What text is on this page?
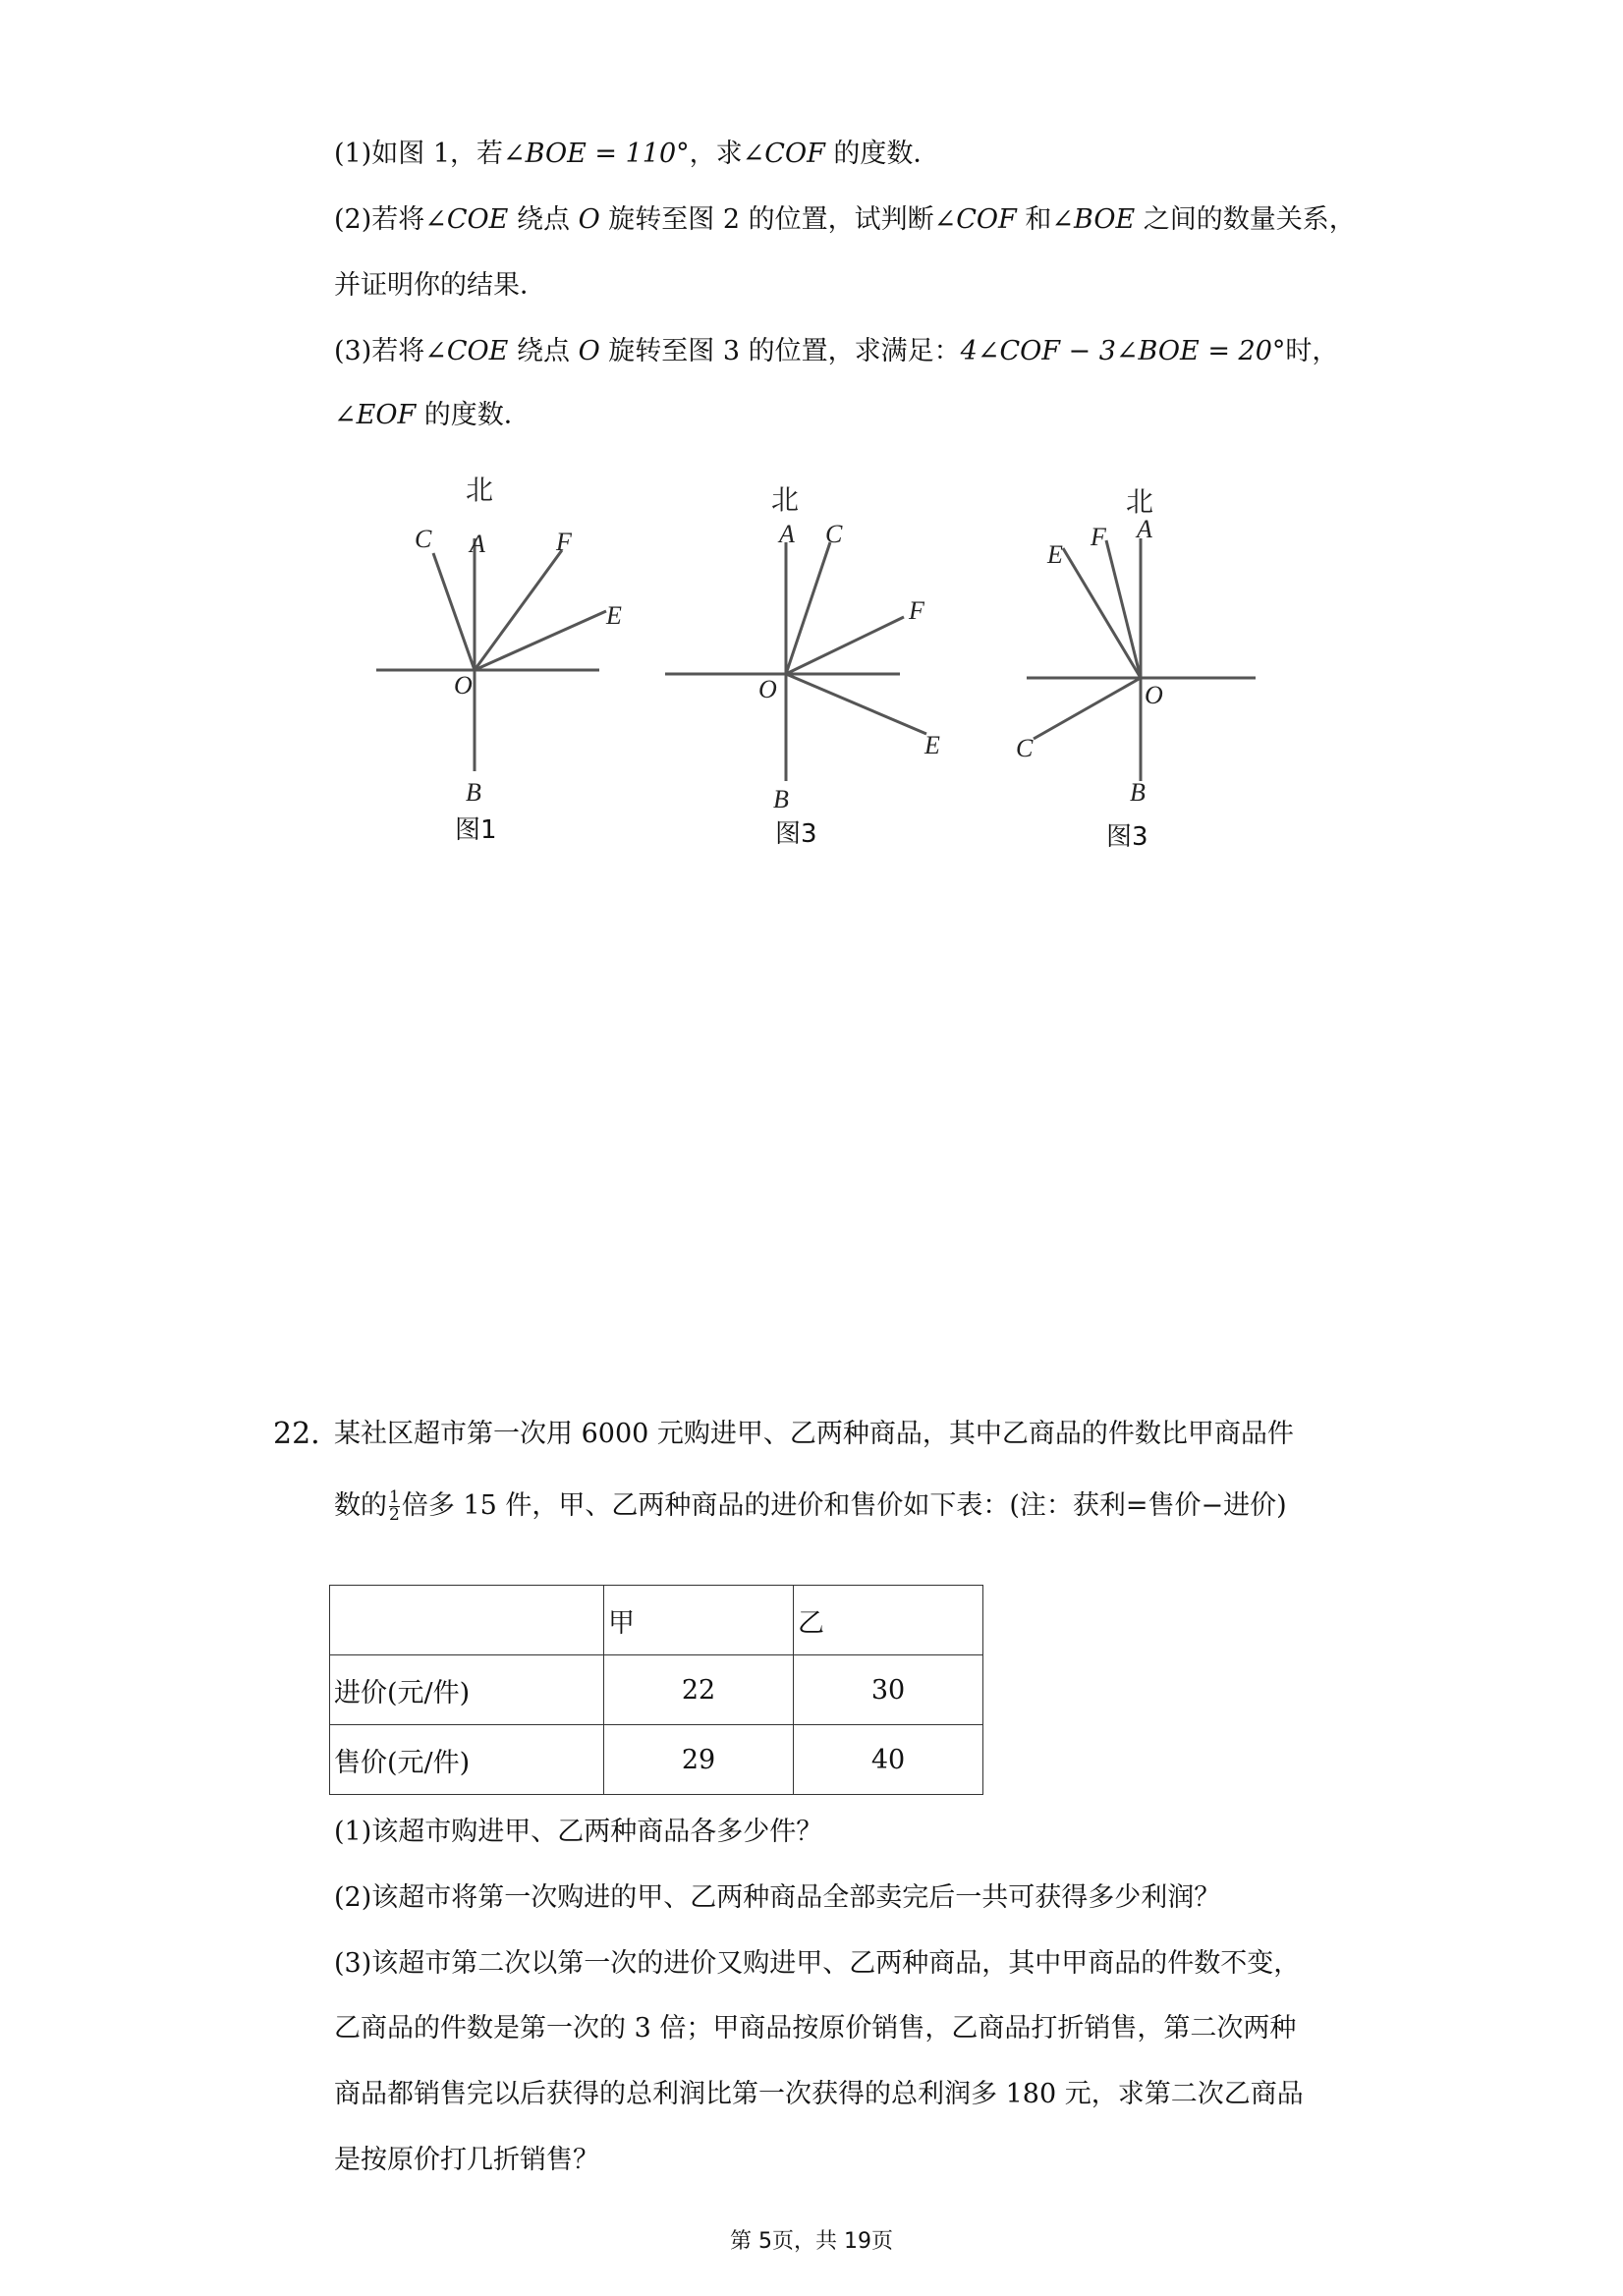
(1)如图 1，若∠BOE = 110°，求∠COF 的度数．
(2)若将∠COE 绕点 O 旋转至图 2 的位置，试判断∠COF 和∠BOE 之间的数量关系，
并证明你的结果．
(3)若将∠COE 绕点 O 旋转至图 3 的位置，求满足：4∠COF − 3∠BOE = 20°时，
∠EOF 的度数．
北
A
C	F
E
O
B
图1
北
A C
F
E
O
B
图3
北
A
F
E
O
C
B
图3
22. 某社区超市第一次用 6000 元购进甲、乙两种商品，其中乙商品的件数比甲商品件
数的 $\frac{1}{2}$ 倍多 15 件，甲、乙两种商品的进价和售价如下表：(注：获利=售价−进价)
	甲	乙
进价(元/件)	22	30
售价(元/件)	29	40
(1)该超市购进甲、乙两种商品各多少件？
(2)该超市将第一次购进的甲、乙两种商品全部卖完后一共可获得多少利润？
(3)该超市第二次以第一次的进价又购进甲、乙两种商品，其中甲商品的件数不变，
乙商品的件数是第一次的 3 倍；甲商品按原价销售，乙商品打折销售，第二次两种
商品都销售完以后获得的总利润比第一次获得的总利润多 180 元，求第二次乙商品
是按原价打几折销售？
第 5页，共 19页
